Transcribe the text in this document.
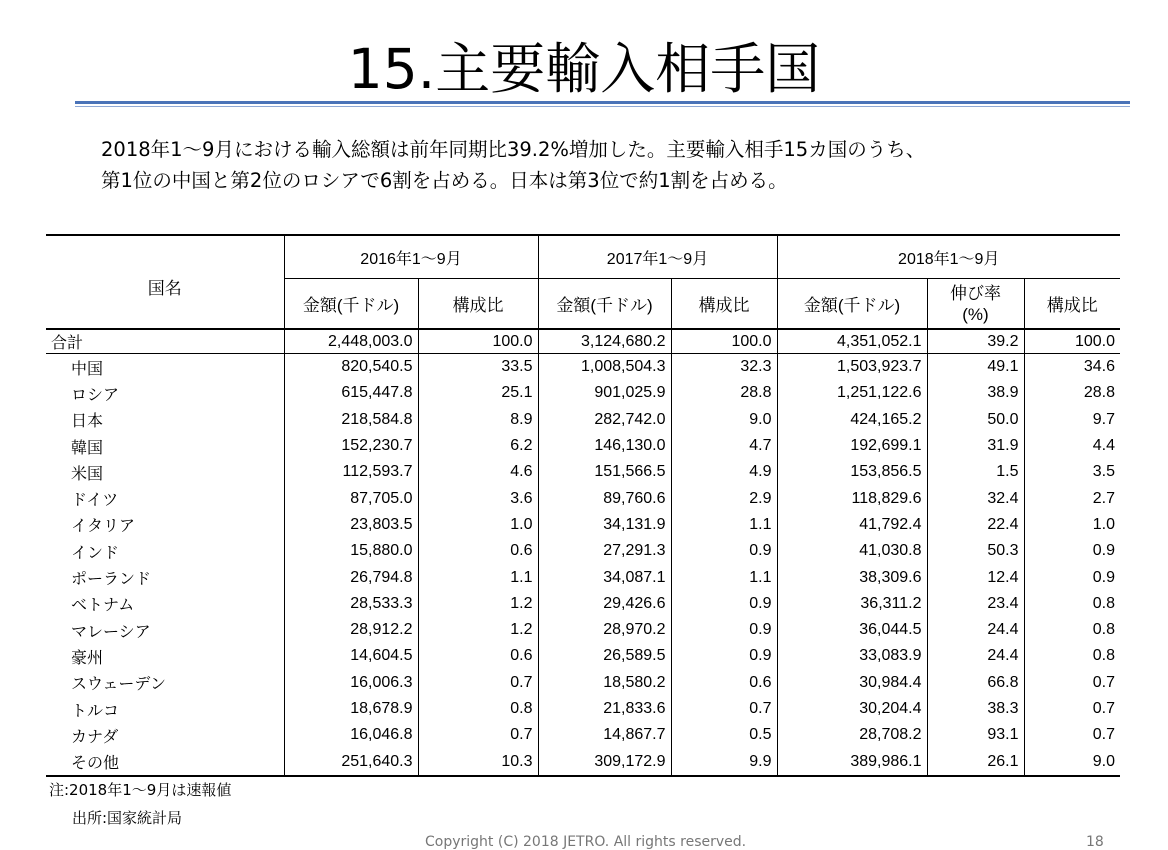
15.主要輸入相手国
2018年1〜9月における輸入総額は前年同期比39.2%増加した。主要輸入相手15カ国のうち、
第1位の中国と第2位のロシアで6割を占める。日本は第3位で約1割を占める。
国名	2016年1〜9月		2017年1〜9月		2018年1〜9月		
	金額(千ドル)	構成比	金額(千ドル)	構成比	金額(千ドル)	伸び率
(%)	構成比
合計	2,448,003.0	100.0	3,124,680.2	100.0	4,351,052.1	39.2	100.0
中国	820,540.5	33.5	1,008,504.3	32.3	1,503,923.7	49.1	34.6
ロシア	615,447.8	25.1	901,025.9	28.8	1,251,122.6	38.9	28.8
日本	218,584.8	8.9	282,742.0	9.0	424,165.2	50.0	9.7
韓国	152,230.7	6.2	146,130.0	4.7	192,699.1	31.9	4.4
米国	112,593.7	4.6	151,566.5	4.9	153,856.5	1.5	3.5
ドイツ	87,705.0	3.6	89,760.6	2.9	118,829.6	32.4	2.7
イタリア	23,803.5	1.0	34,131.9	1.1	41,792.4	22.4	1.0
インド	15,880.0	0.6	27,291.3	0.9	41,030.8	50.3	0.9
ポーランド	26,794.8	1.1	34,087.1	1.1	38,309.6	12.4	0.9
ベトナム	28,533.3	1.2	29,426.6	0.9	36,311.2	23.4	0.8
マレーシア	28,912.2	1.2	28,970.2	0.9	36,044.5	24.4	0.8
豪州	14,604.5	0.6	26,589.5	0.9	33,083.9	24.4	0.8
スウェーデン	16,006.3	0.7	18,580.2	0.6	30,984.4	66.8	0.7
トルコ	18,678.9	0.8	21,833.6	0.7	30,204.4	38.3	0.7
カナダ	16,046.8	0.7	14,867.7	0.5	28,708.2	93.1	0.7
その他	251,640.3	10.3	309,172.9	9.9	389,986.1	26.1	9.0
注:2018年1〜9月は速報値
出所:国家統計局
Copyright (C) 2018 JETRO. All rights reserved.	18
